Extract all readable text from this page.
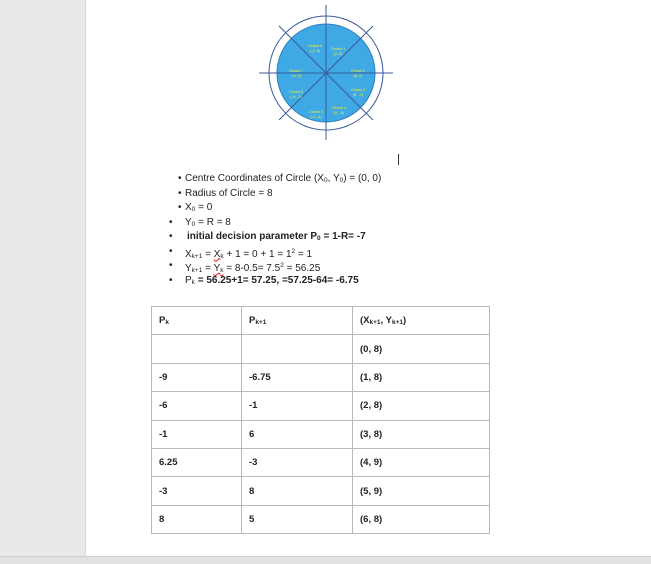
Octant 8
(-2, 8)	Octant 1
(2, 8)
Octant 7
(-8, 2)
Octant 2
(8, 2)
Octant 6
(-8, -2)
Octant 3
(8, -2)
Octant 5
(-2, -8)
Octant 4
(2, -8)
• Centre Coordinates of Circle (X0, Y0) = (0, 0)
• Radius of Circle = 8
• X0 = 0
• Y0 = R = 8
• initial decision parameter P0 = 1-R= -7
• $Xk+1 = Xk + 1 = 0 + 1 = 1^2 = 1$
• $Yk+1 = Yk = 8-0.5= 7.5^2 = 56.25$
• Pk = 56.25+1= 57.25, =57.25-64= -6.75
Pk	Pk+1	(Xk+1, Yk+1)
		(0, 8)
-9	-6.75	(1, 8)
-6	-1	(2, 8)
-1	6	(3, 8)
6.25	-3	(4, 9)
-3	8	(5, 9)
8	5	(6, 8)
